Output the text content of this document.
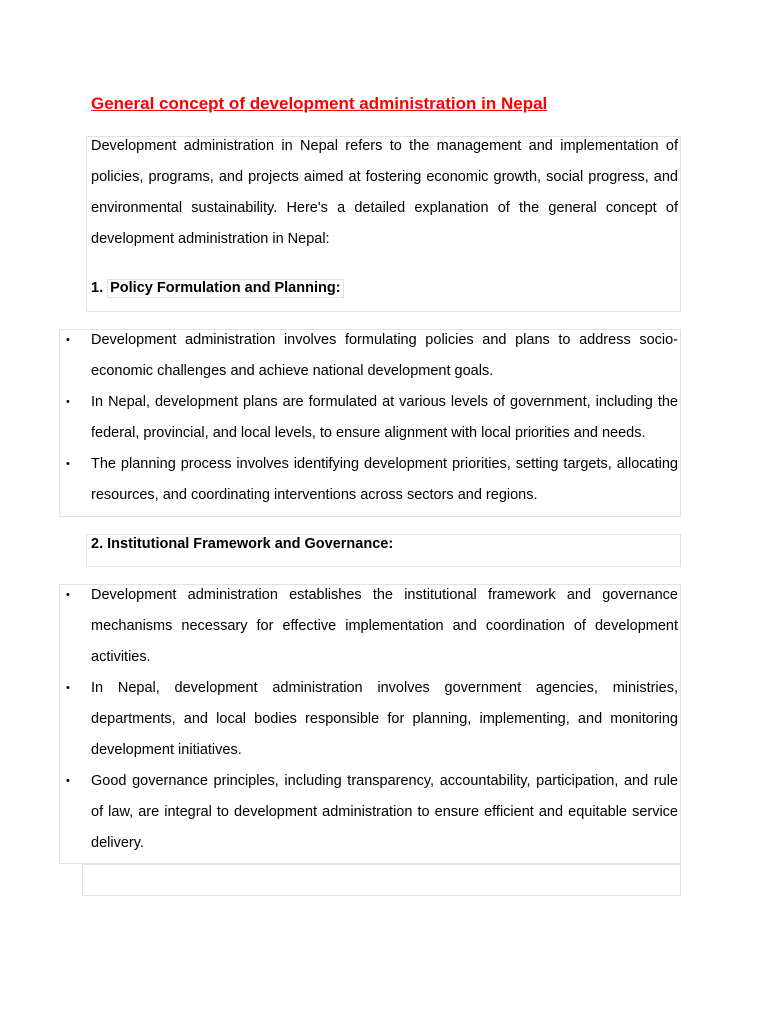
General concept of development administration in Nepal
Development administration in Nepal refers to the management and implementation of policies, programs, and projects aimed at fostering economic growth, social progress, and environmental sustainability. Here's a detailed explanation of the general concept of development administration in Nepal:
1. Policy Formulation and Planning:
• Development administration involves formulating policies and plans to address socio-economic challenges and achieve national development goals.
• In Nepal, development plans are formulated at various levels of government, including the federal, provincial, and local levels, to ensure alignment with local priorities and needs.
• The planning process involves identifying development priorities, setting targets, allocating resources, and coordinating interventions across sectors and regions.
2. Institutional Framework and Governance:
• Development administration establishes the institutional framework and governance mechanisms necessary for effective implementation and coordination of development activities.
• In Nepal, development administration involves government agencies, ministries, departments, and local bodies responsible for planning, implementing, and monitoring development initiatives.
• Good governance principles, including transparency, accountability, participation, and rule of law, are integral to development administration to ensure efficient and equitable service delivery.
